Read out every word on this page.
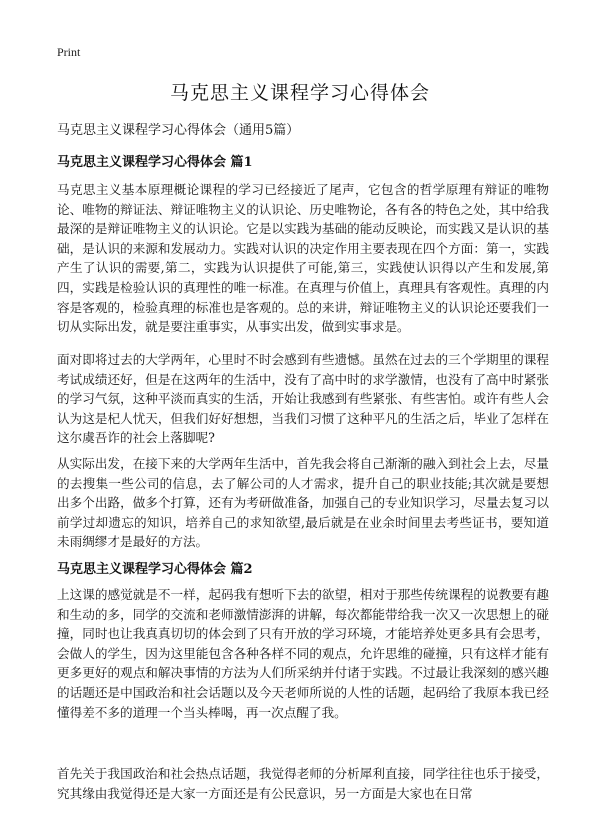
Print
马克思主义课程学习心得体会
马克思主义课程学习心得体会（通用5篇）
马克思主义课程学习心得体会 篇1

马克思主义基本原理概论课程的学习已经接近了尾声，它包含的哲学原理有辩证的唯物论、唯物的辩证法、辩证唯物主义的认识论、历史唯物论，各有各的特色之处，其中给我最深的是辩证唯物主义的认识论。它是以实践为基础的能动反映论，而实践又是认识的基础，是认识的来源和发展动力。实践对认识的决定作用主要表现在四个方面：第一，实践产生了认识的需要,第二，实践为认识提供了可能,第三，实践使认识得以产生和发展,第四，实践是检验认识的真理性的唯一标准。在真理与价值上，真理具有客观性。真理的内容是客观的，检验真理的标准也是客观的。总的来讲，辩证唯物主义的认识论还要我们一切从实际出发，就是要注重事实，从事实出发，做到实事求是。

面对即将过去的大学两年，心里时不时会感到有些遗憾。虽然在过去的三个学期里的课程考试成绩还好，但是在这两年的生活中，没有了高中时的求学激情，也没有了高中时紧张的学习气氛，这种平淡而真实的生活，开始让我感到有些紧张、有些害怕。或许有些人会认为这是杞人忧天，但我们好好想想，当我们习惯了这种平凡的生活之后，毕业了怎样在这尔虞吾诈的社会上落脚呢?

从实际出发，在接下来的大学两年生活中，首先我会将自己渐渐的融入到社会上去，尽量的去搜集一些公司的信息，去了解公司的人才需求，提升自己的职业技能;其次就是要想出多个出路，做多个打算，还有为考研做准备，加强自己的专业知识学习，尽量去复习以前学过却遗忘的知识，培养自己的求知欲望,最后就是在业余时间里去考些证书，要知道未雨绸缪才是最好的方法。

马克思主义课程学习心得体会 篇2

上这课的感觉就是不一样，起码我有想听下去的欲望，相对于那些传统课程的说教要有趣和生动的多，同学的交流和老师激情澎湃的讲解，每次都能带给我一次又一次思想上的碰撞，同时也让我真真切切的体会到了只有开放的学习环境，才能培养处更多具有会思考，会做人的学生，因为这里能包含各种各样不同的观点，允许思维的碰撞，只有这样才能有更多更好的观点和解决事情的方法为人们所采纳并付诸于实践。不过最让我深刻的感兴趣的话题还是中国政治和社会话题以及今天老师所说的人性的话题，起码给了我原本我已经懂得差不多的道理一个当头棒喝，再一次点醒了我。

首先关于我国政治和社会热点话题，我觉得老师的分析犀利直接，同学往往也乐于接受，究其缘由我觉得还是大家一方面还是有公民意识，另一方面是大家也在日常
